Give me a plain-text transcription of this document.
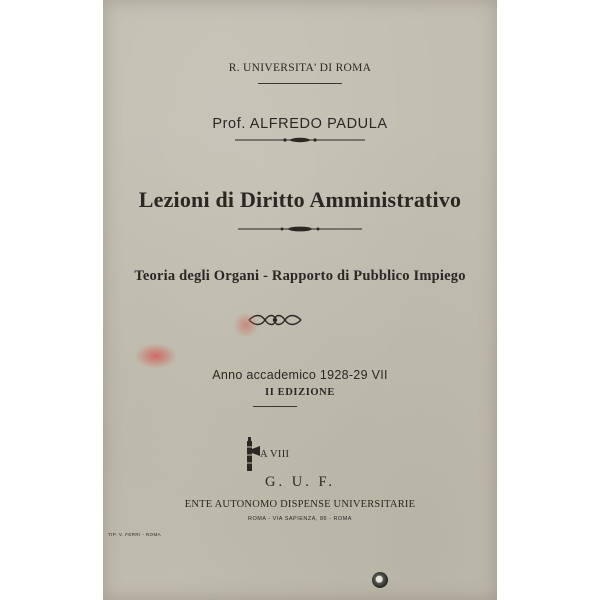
R. UNIVERSITA' DI ROMA
Prof. ALFREDO PADULA
Lezioni di Diritto Amministrativo
Teoria degli Organi - Rapporto di Pubblico Impiego
Anno accademico 1928-29 VII
II EDIZIONE
A VIII
G. U. F.
ENTE AUTONOMO DISPENSE UNIVERSITARIE
ROMA - VIA SAPIENZA, 86 - ROMA
TIP. V. FERRI - ROMA
